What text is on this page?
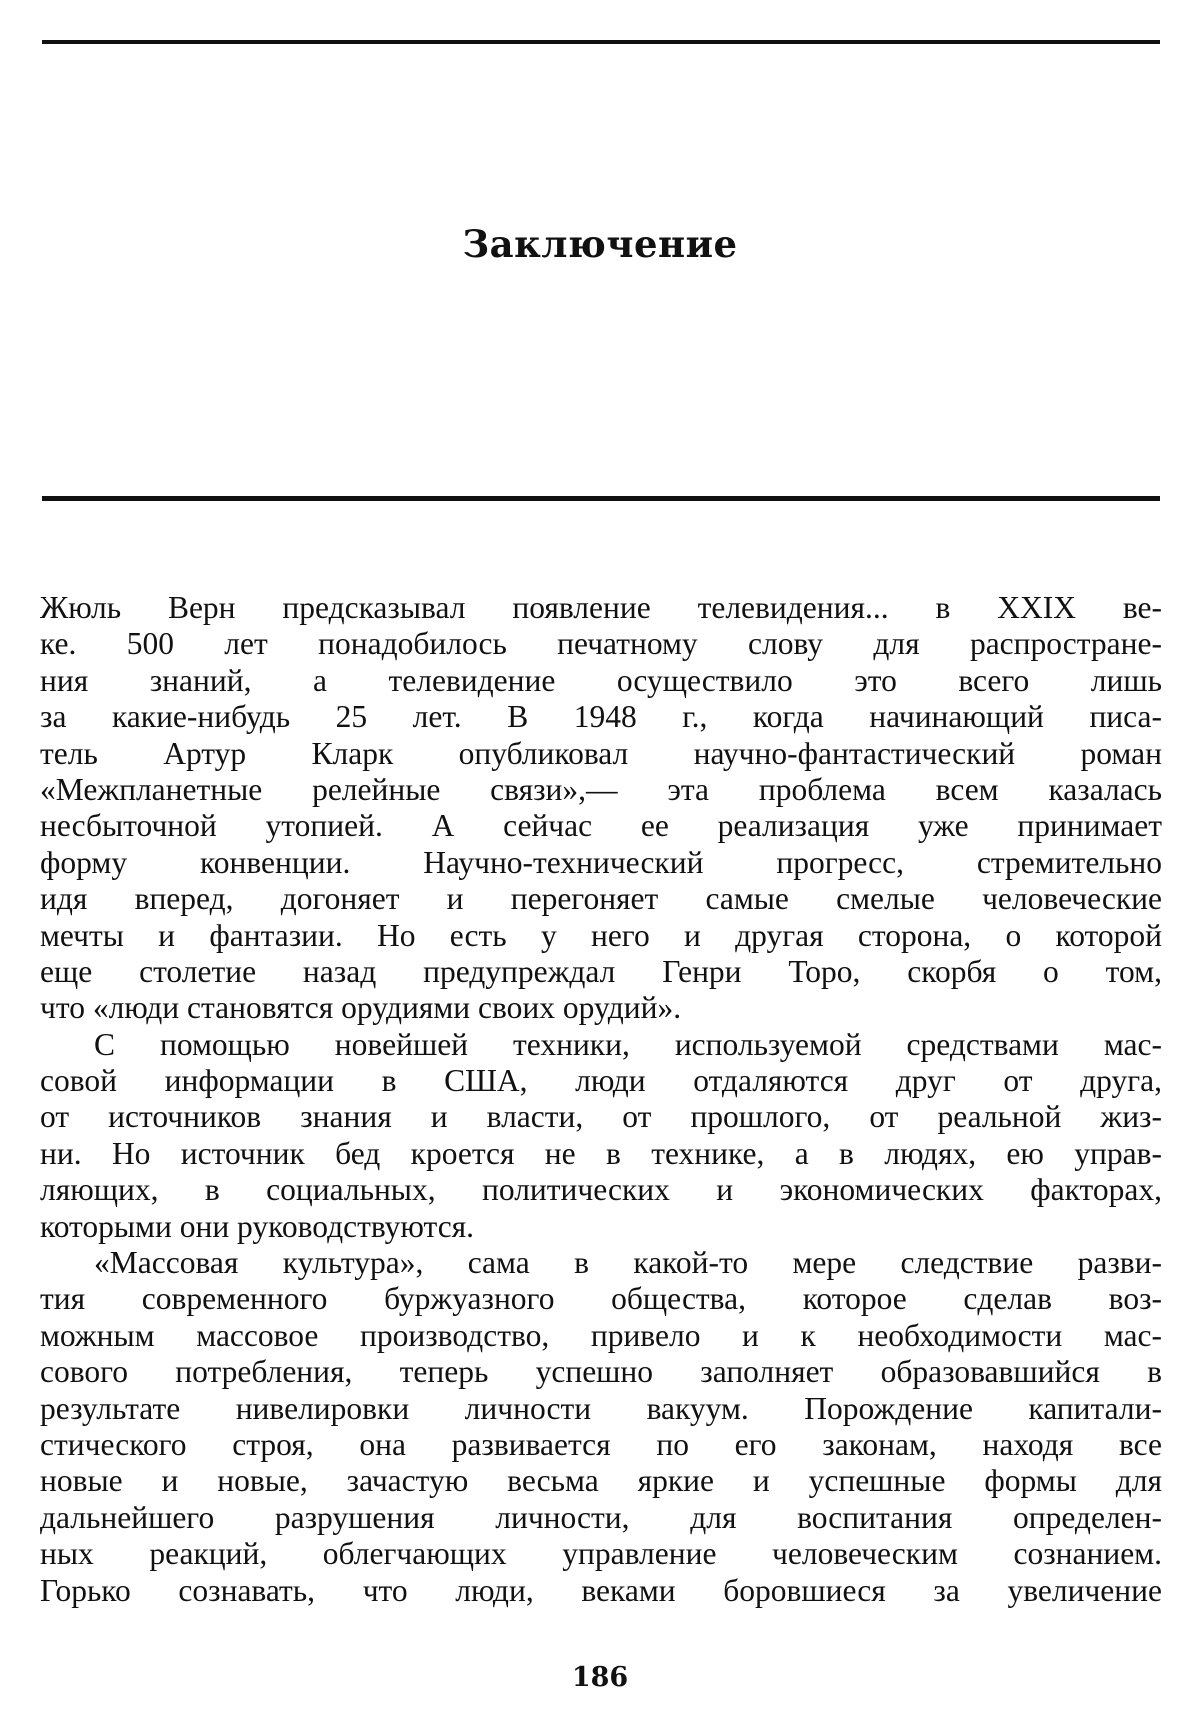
Заключение
Жюль Верн предсказывал появление телевидения... в XXIX ве-
ке. 500 лет понадобилось печатному слову для распростране-
ния знаний, а телевидение осуществило это всего лишь
за какие-нибудь 25 лет. В 1948 г., когда начинающий писа-
тель Артур Кларк опубликовал научно-фантастический роман
«Межпланетные релейные связи»,— эта проблема всем казалась
несбыточной утопией. А сейчас ее реализация уже принимает
форму конвенции. Научно-технический прогресс, стремительно
идя вперед, догоняет и перегоняет самые смелые человеческие
мечты и фантазии. Но есть у него и другая сторона, о которой
еще столетие назад предупреждал Генри Торо, скорбя о том,
что «люди становятся орудиями своих орудий».
С помощью новейшей техники, используемой средствами мас-
совой информации в США, люди отдаляются друг от друга,
от источников знания и власти, от прошлого, от реальной жиз-
ни. Но источник бед кроется не в технике, а в людях, ею управ-
ляющих, в социальных, политических и экономических факторах,
которыми они руководствуются.
«Массовая культура», сама в какой-то мере следствие разви-
тия современного буржуазного общества, которое сделав воз-
можным массовое производство, привело и к необходимости мас-
сового потребления, теперь успешно заполняет образовавшийся в
результате нивелировки личности вакуум. Порождение капитали-
стического строя, она развивается по его законам, находя все
новые и новые, зачастую весьма яркие и успешные формы для
дальнейшего разрушения личности, для воспитания определен-
ных реакций, облегчающих управление человеческим сознанием.
Горько сознавать, что люди, веками боровшиеся за увеличение
186
